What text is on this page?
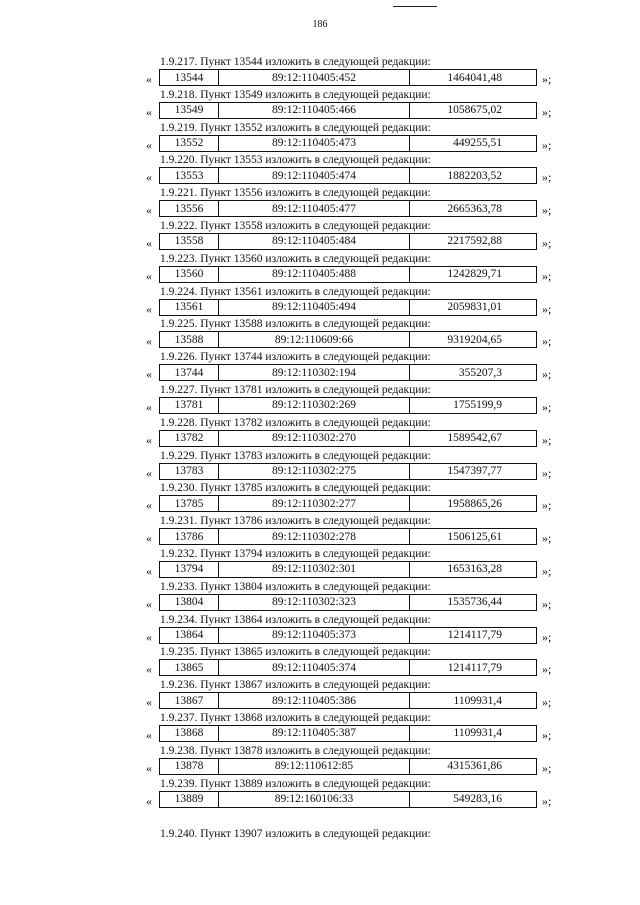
186
1.9.217. Пункт 13544 изложить в следующей редакции:
«	13544	89:12:110405:452	1464041,48	»;
1.9.218. Пункт 13549 изложить в следующей редакции:
«	13549	89:12:110405:466	1058675,02	»;
1.9.219. Пункт 13552 изложить в следующей редакции:
«	13552	89:12:110405:473	449255,51	»;
1.9.220. Пункт 13553 изложить в следующей редакции:
«	13553	89:12:110405:474	1882203,52	»;
1.9.221. Пункт 13556 изложить в следующей редакции:
«	13556	89:12:110405:477	2665363,78	»;
1.9.222. Пункт 13558 изложить в следующей редакции:
«	13558	89:12:110405:484	2217592,88	»;
1.9.223. Пункт 13560 изложить в следующей редакции:
«	13560	89:12:110405:488	1242829,71	»;
1.9.224. Пункт 13561 изложить в следующей редакции:
«	13561	89:12:110405:494	2059831,01	»;
1.9.225. Пункт 13588 изложить в следующей редакции:
«	13588	89:12:110609:66	9319204,65	»;
1.9.226. Пункт 13744 изложить в следующей редакции:
«	13744	89:12:110302:194	355207,3	»;
1.9.227. Пункт 13781 изложить в следующей редакции:
«	13781	89:12:110302:269	1755199,9	»;
1.9.228. Пункт 13782 изложить в следующей редакции:
«	13782	89:12:110302:270	1589542,67	»;
1.9.229. Пункт 13783 изложить в следующей редакции:
«	13783	89:12:110302:275	1547397,77	»;
1.9.230. Пункт 13785 изложить в следующей редакции:
«	13785	89:12:110302:277	1958865,26	»;
1.9.231. Пункт 13786 изложить в следующей редакции:
«	13786	89:12:110302:278	1506125,61	»;
1.9.232. Пункт 13794 изложить в следующей редакции:
«	13794	89:12:110302:301	1653163,28	»;
1.9.233. Пункт 13804 изложить в следующей редакции:
«	13804	89:12:110302:323	1535736,44	»;
1.9.234. Пункт 13864 изложить в следующей редакции:
«	13864	89:12:110405:373	1214117,79	»;
1.9.235. Пункт 13865 изложить в следующей редакции:
«	13865	89:12:110405:374	1214117,79	»;
1.9.236. Пункт 13867 изложить в следующей редакции:
«	13867	89:12:110405:386	1109931,4	»;
1.9.237. Пункт 13868 изложить в следующей редакции:
«	13868	89:12:110405:387	1109931,4	»;
1.9.238. Пункт 13878 изложить в следующей редакции:
«	13878	89:12:110612:85	4315361,86	»;
1.9.239. Пункт 13889 изложить в следующей редакции:
«	13889	89:12:160106:33	549283,16	»;
1.9.240. Пункт 13907 изложить в следующей редакции:
